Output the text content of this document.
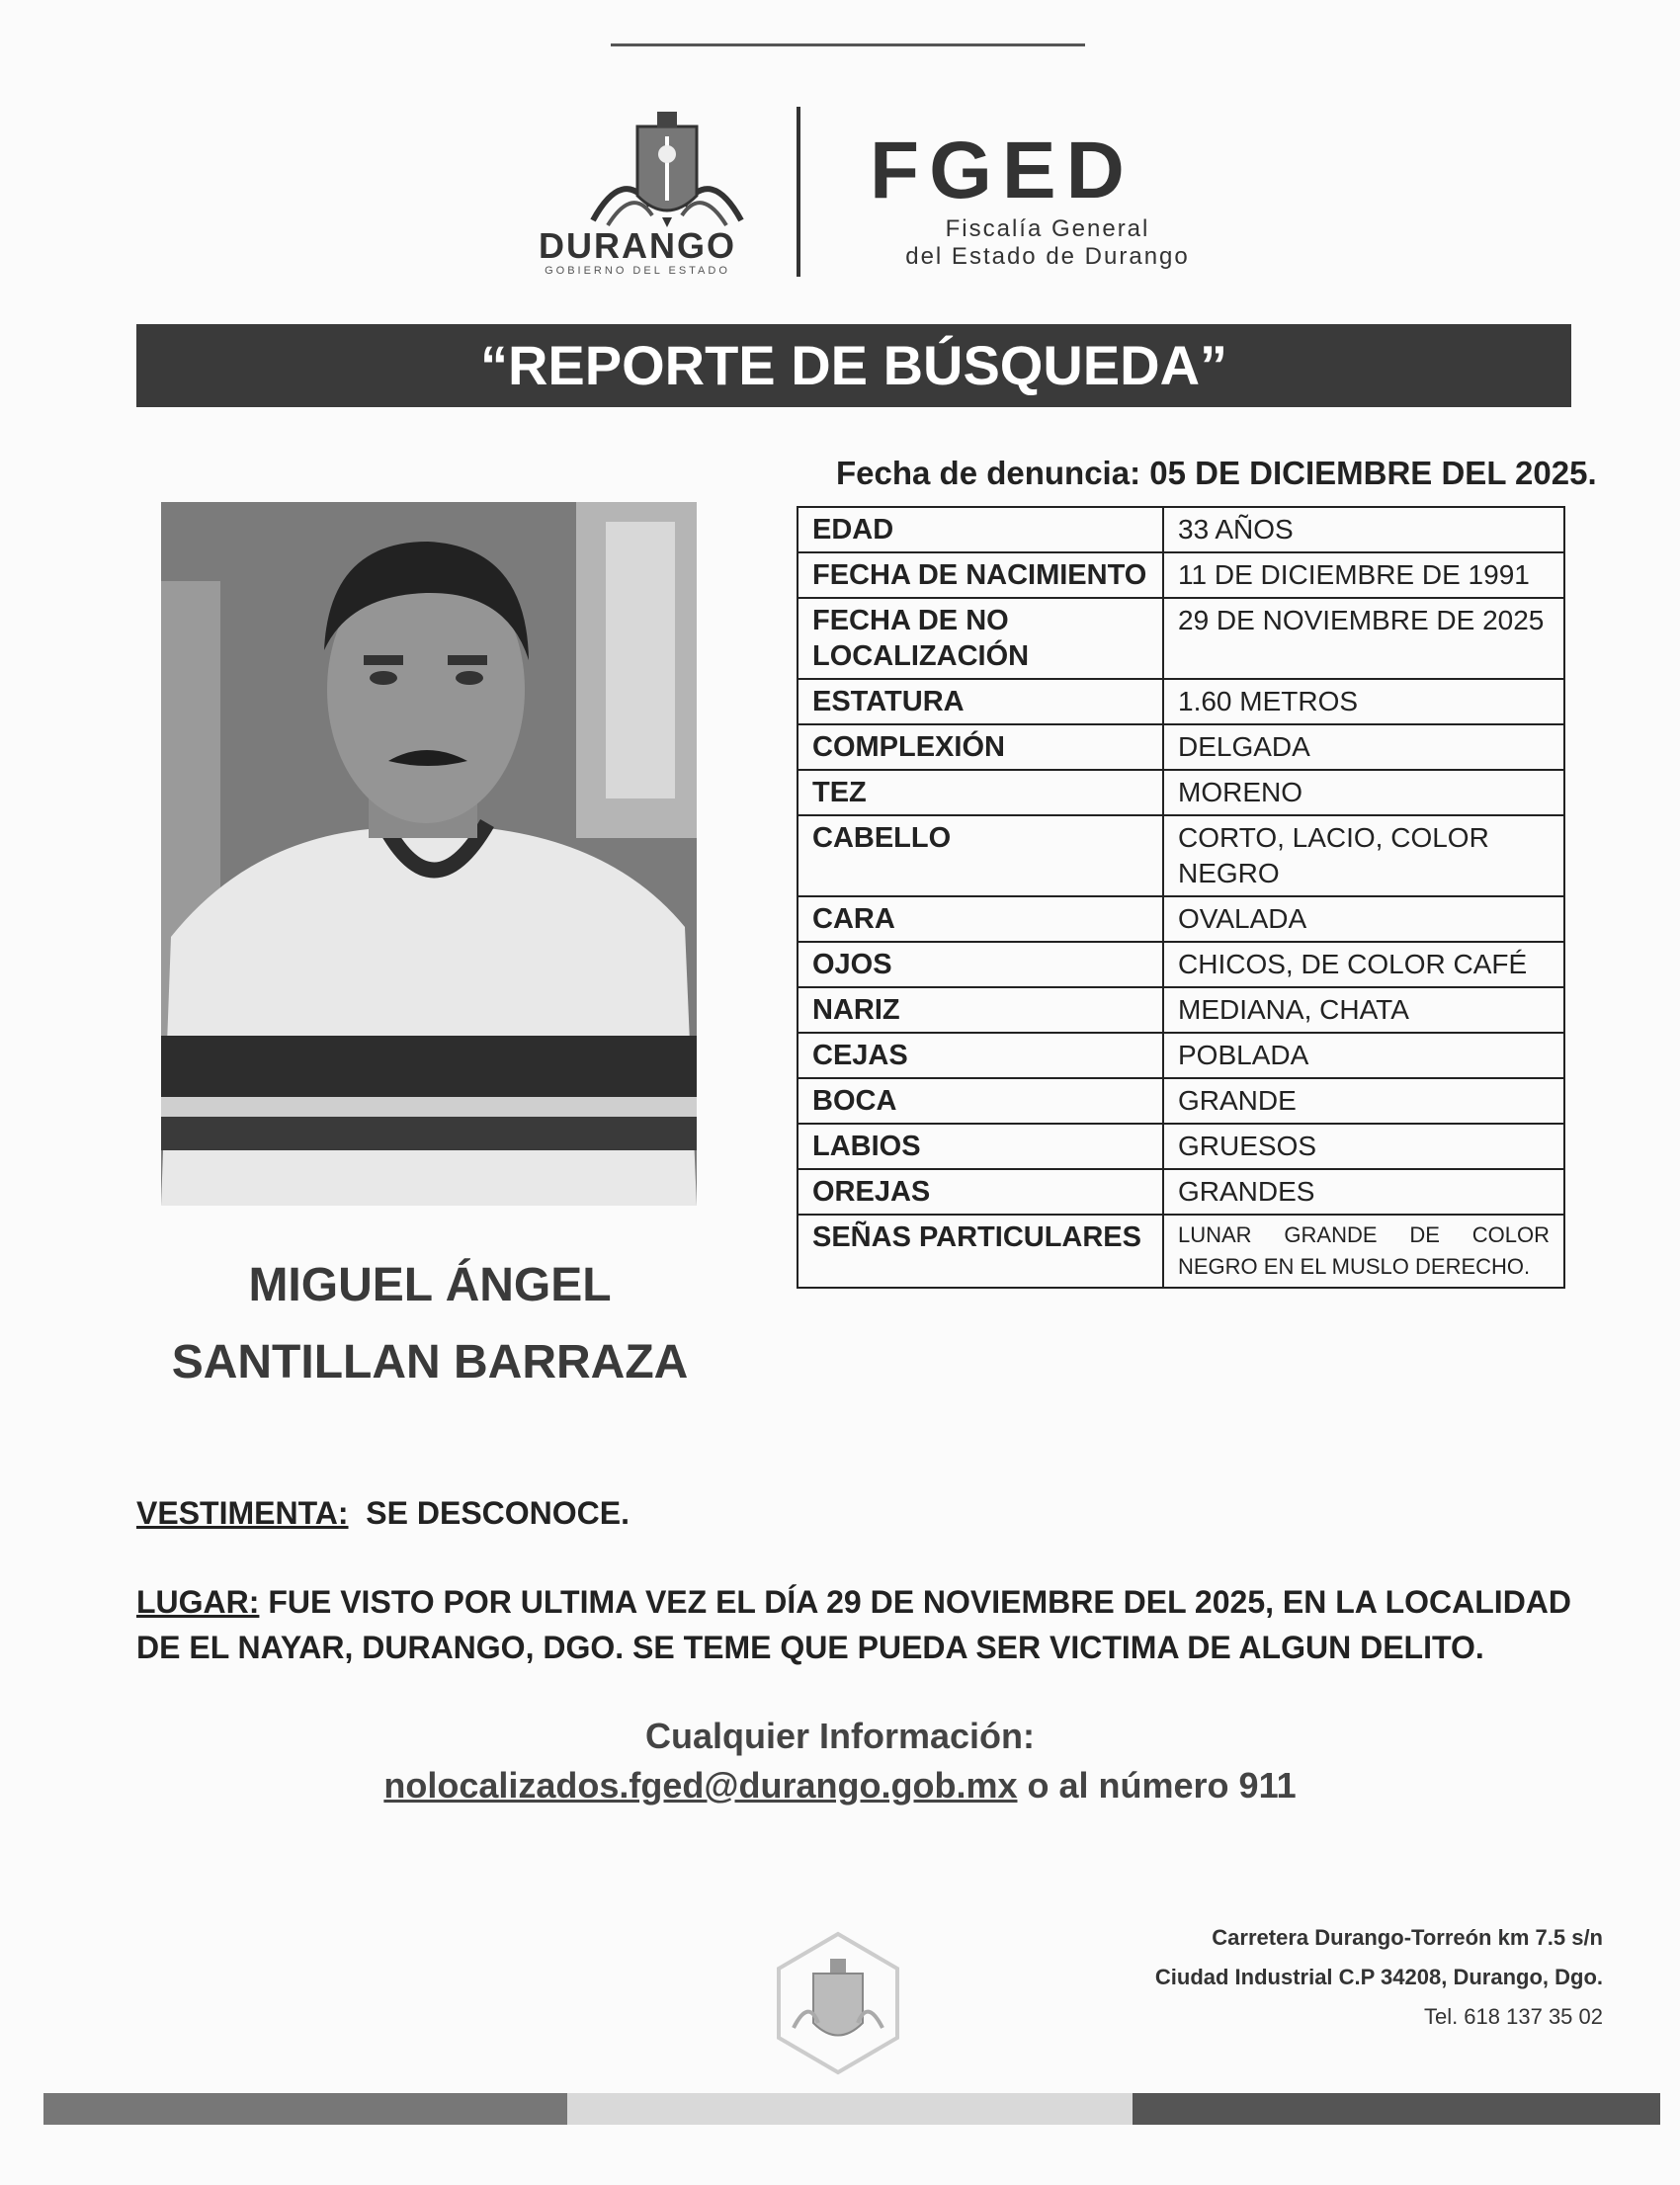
DURANGO
GOBIERNO DEL ESTADO
FGED
Fiscalía General
del Estado de Durango
“REPORTE DE BÚSQUEDA”
Fecha de denuncia: 05 DE DICIEMBRE DEL 2025.
MIGUEL ÁNGEL
SANTILLAN BARRAZA
EDAD	33 AÑOS
FECHA DE NACIMIENTO	11 DE DICIEMBRE DE 1991
FECHA DE NO LOCALIZACIÓN	29 DE NOVIEMBRE DE 2025
ESTATURA	1.60 METROS
COMPLEXIÓN	DELGADA
TEZ	MORENO
CABELLO	CORTO, LACIO, COLOR NEGRO
CARA	OVALADA
OJOS	CHICOS, DE COLOR CAFÉ
NARIZ	MEDIANA, CHATA
CEJAS	POBLADA
BOCA	GRANDE
LABIOS	GRUESOS
OREJAS	GRANDES
SEÑAS PARTICULARES	LUNAR GRANDE DE COLOR NEGRO EN EL MUSLO DERECHO.
VESTIMENTA: SE DESCONOCE.
LUGAR: FUE VISTO POR ULTIMA VEZ EL DÍA 29 DE NOVIEMBRE DEL 2025, EN LA LOCALIDAD
DE EL NAYAR, DURANGO, DGO. SE TEME QUE PUEDA SER VICTIMA DE ALGUN DELITO.
Cualquier Información:
nolocalizados.fged@durango.gob.mx o al número 911
Carretera Durango-Torreón km 7.5 s/n
Ciudad Industrial C.P 34208, Durango, Dgo.
Tel. 618 137 35 02
